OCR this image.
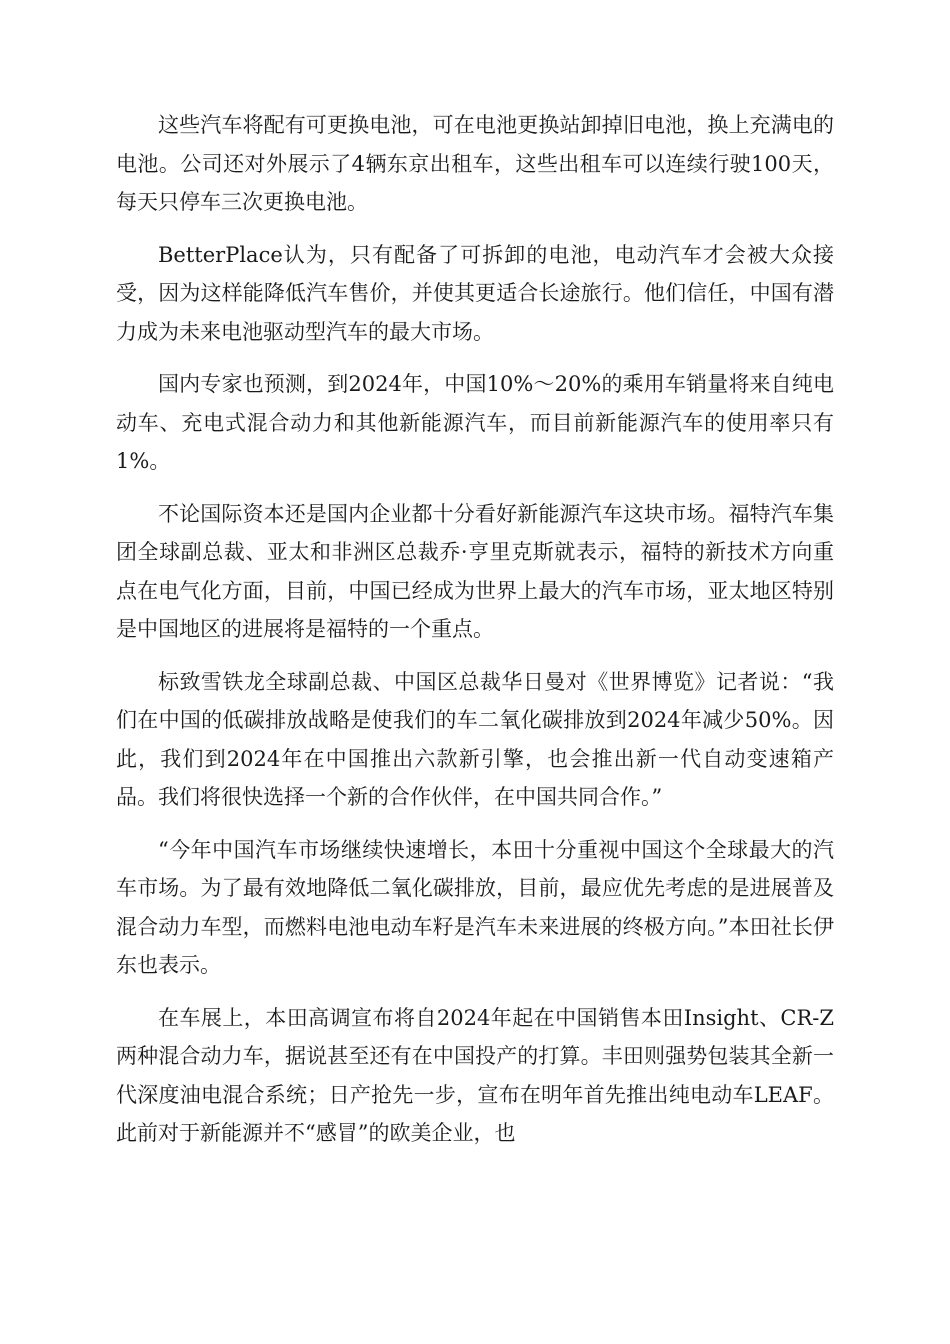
这些汽车将配有可更换电池，可在电池更换站卸掉旧电池，换上充满电的电池。公司还对外展示了4辆东京出租车，这些出租车可以连续行驶100天，每天只停车三次更换电池。

BetterPlace认为，只有配备了可拆卸的电池，电动汽车才会被大众接受，因为这样能降低汽车售价，并使其更适合长途旅行。他们信任，中国有潜力成为未来电池驱动型汽车的最大市场。

国内专家也预测，到2024年，中国10%～20%的乘用车销量将来自纯电动车、充电式混合动力和其他新能源汽车，而目前新能源汽车的使用率只有1%。

不论国际资本还是国内企业都十分看好新能源汽车这块市场。福特汽车集团全球副总裁、亚太和非洲区总裁乔·亨里克斯就表示，福特的新技术方向重点在电气化方面，目前，中国已经成为世界上最大的汽车市场，亚太地区特别是中国地区的进展将是福特的一个重点。

标致雪铁龙全球副总裁、中国区总裁华日曼对《世界博览》记者说：“我们在中国的低碳排放战略是使我们的车二氧化碳排放到2024年减少50%。因此，我们到2024年在中国推出六款新引擎，也会推出新一代自动变速箱产品。我们将很快选择一个新的合作伙伴，在中国共同合作。”

“今年中国汽车市场继续快速增长，本田十分重视中国这个全球最大的汽车市场。为了最有效地降低二氧化碳排放，目前，最应优先考虑的是进展普及混合动力车型，而燃料电池电动车籽是汽车未来进展的终极方向。”本田社长伊东也表示。

在车展上，本田高调宣布将自2024年起在中国销售本田Insight、CR-Z两种混合动力车，据说甚至还有在中国投产的打算。丰田则强势包装其全新一代深度油电混合系统；日产抢先一步，宣布在明年首先推出纯电动车LEAF。此前对于新能源并不“感冒”的欧美企业，也
